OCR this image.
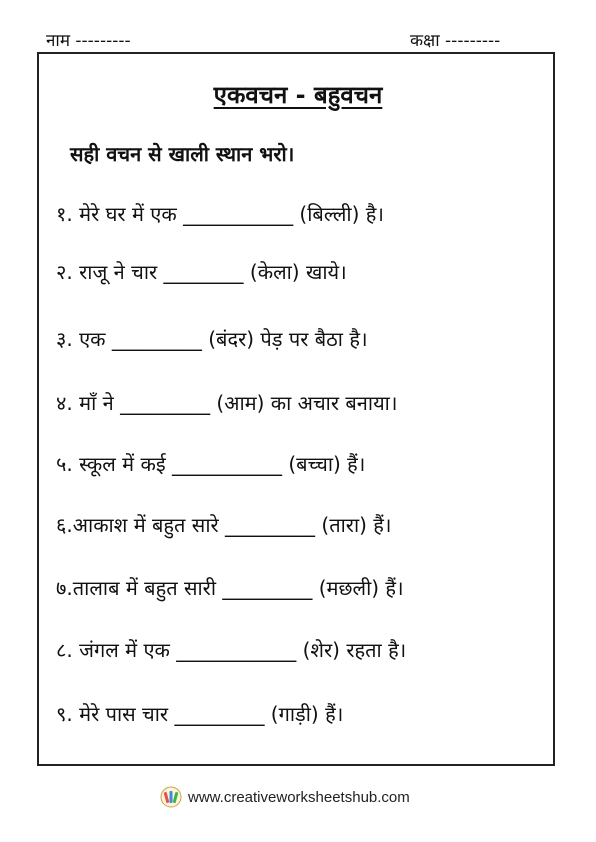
नाम ---------	कक्षा ---------
एकवचन - बहुवचन
सही वचन से खाली स्थान भरो।
१. मेरे घर में एक ___________ (बिल्ली) है।
२. राजू ने चार ________ (केला) खाये।
३. एक _________ (बंदर) पेड़ पर बैठा है।
४. माँ ने _________ (आम) का अचार बनाया।
५. स्कूल में कई ___________ (बच्चा) हैं।
६.आकाश में बहुत सारे _________ (तारा) हैं।
७.तालाब में बहुत सारी _________ (मछली) हैं।
८. जंगल में एक ____________ (शेर) रहता है।
९. मेरे पास चार _________ (गाड़ी) हैं।
www.creativeworksheetshub.com
